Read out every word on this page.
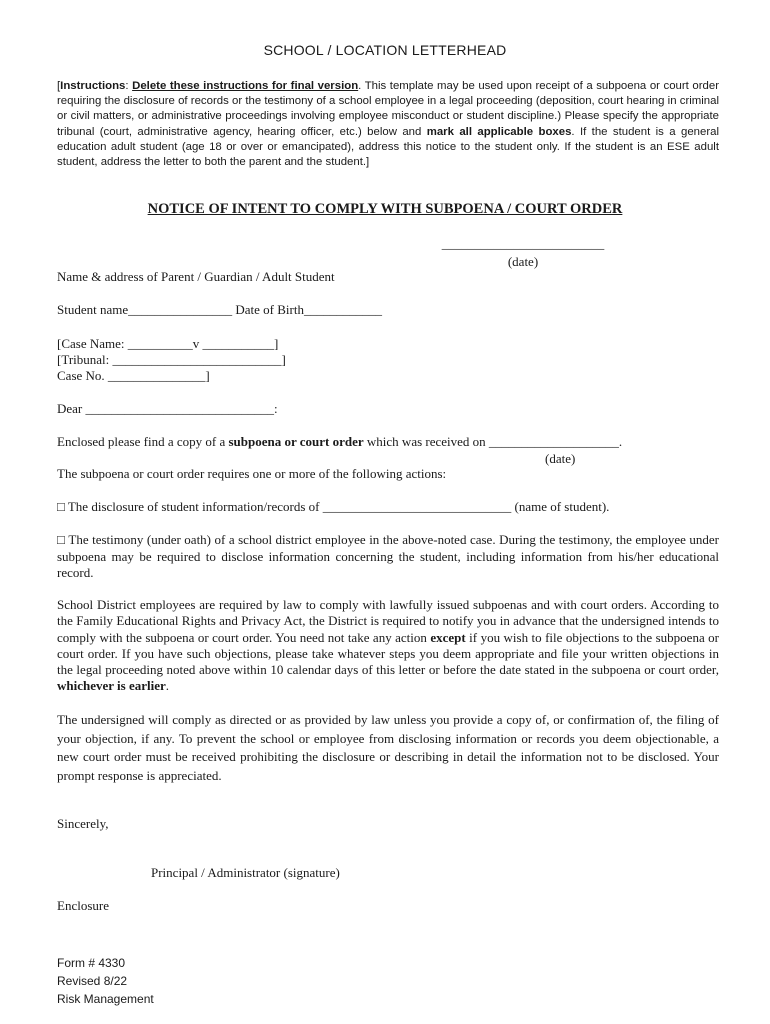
SCHOOL / LOCATION LETTERHEAD
[Instructions: Delete these instructions for final version. This template may be used upon receipt of a subpoena or court order requiring the disclosure of records or the testimony of a school employee in a legal proceeding (deposition, court hearing in criminal or civil matters, or administrative proceedings involving employee misconduct or student discipline.) Please specify the appropriate tribunal (court, administrative agency, hearing officer, etc.) below and mark all applicable boxes. If the student is a general education adult student (age 18 or over or emancipated), address this notice to the student only. If the student is an ESE adult student, address the letter to both the parent and the student.]
NOTICE OF INTENT TO COMPLY WITH SUBPOENA / COURT ORDER
_________________________
(date)
Name & address of Parent / Guardian / Adult Student
Student name________________ Date of Birth____________
[Case Name: __________v ___________]
[Tribunal: __________________________]
Case No. _______________]
Dear _____________________________:
Enclosed please find a copy of a subpoena or court order which was received on ____________________.
(date)
The subpoena or court order requires one or more of the following actions:
□ The disclosure of student information/records of _____________________________ (name of student).
□ The testimony (under oath) of a school district employee in the above-noted case. During the testimony, the employee under subpoena may be required to disclose information concerning the student, including information from his/her educational record.
School District employees are required by law to comply with lawfully issued subpoenas and with court orders. According to the Family Educational Rights and Privacy Act, the District is required to notify you in advance that the undersigned intends to comply with the subpoena or court order. You need not take any action except if you wish to file objections to the subpoena or court order. If you have such objections, please take whatever steps you deem appropriate and file your written objections in the legal proceeding noted above within 10 calendar days of this letter or before the date stated in the subpoena or court order, whichever is earlier.
The undersigned will comply as directed or as provided by law unless you provide a copy of, or confirmation of, the filing of your objection, if any. To prevent the school or employee from disclosing information or records you deem objectionable, a new court order must be received prohibiting the disclosure or describing in detail the information not to be disclosed. Your prompt response is appreciated.
Sincerely,
Principal / Administrator (signature)
Enclosure
Form # 4330
Revised 8/22
Risk Management
